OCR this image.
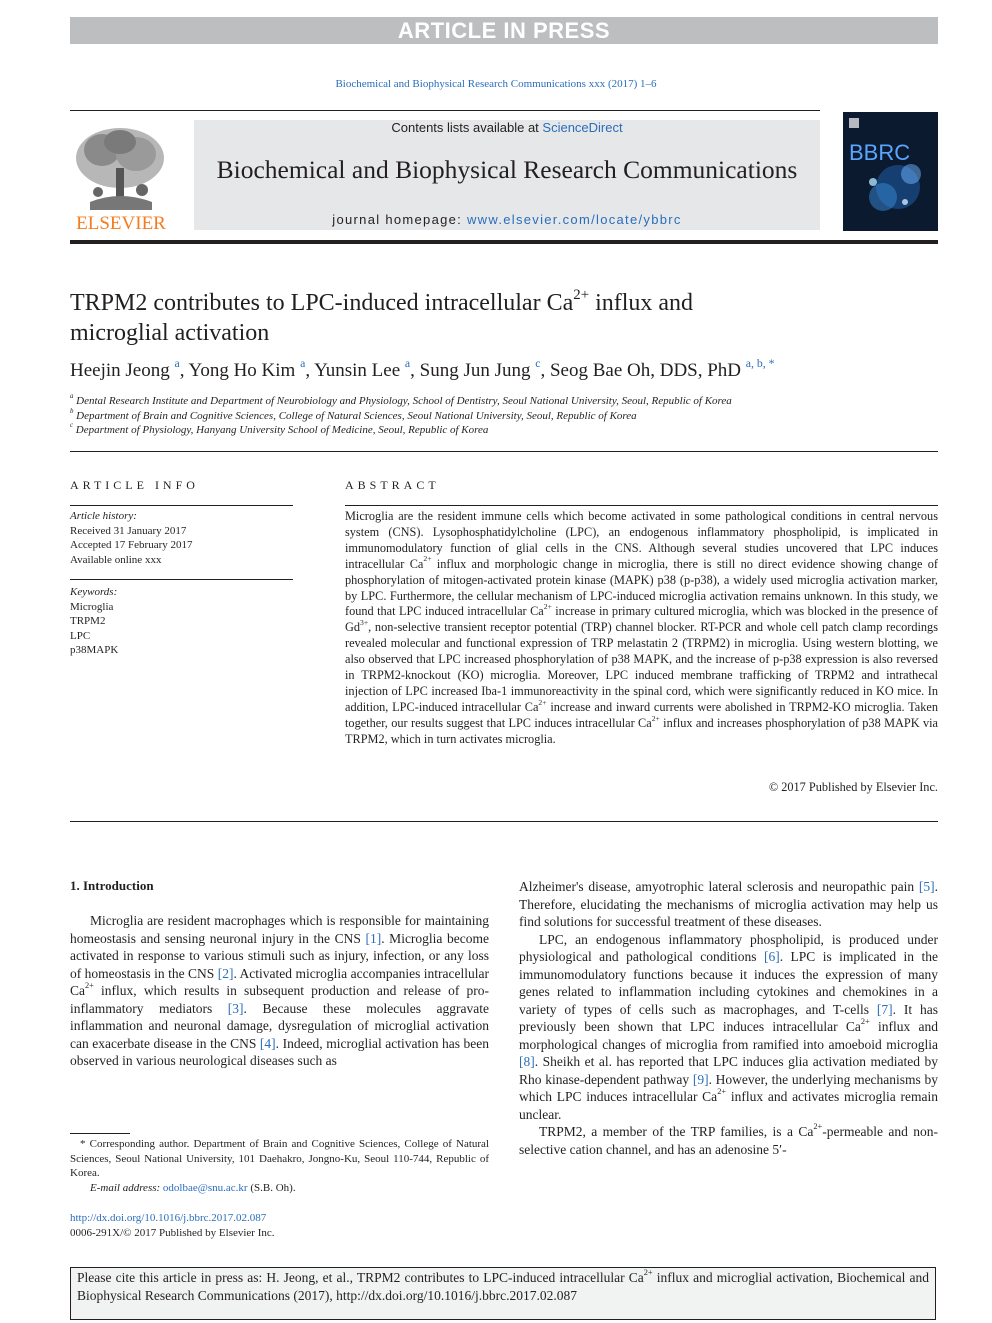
ARTICLE IN PRESS
Biochemical and Biophysical Research Communications xxx (2017) 1–6
ELSEVIER
Contents lists available at ScienceDirect
Biochemical and Biophysical Research Communications
journal homepage: www.elsevier.com/locate/ybbrc
BBRC
TRPM2 contributes to LPC-induced intracellular $Ca^{2+}$ influx and
microglial activation
Heejin Jeong $^a$, Yong Ho Kim $^a$, Yunsin Lee $^a$, Sung Jun Jung $^c$, Seog Bae Oh, DDS, PhD $^{a, b, *}$
$^a$ Dental Research Institute and Department of Neurobiology and Physiology, School of Dentistry, Seoul National University, Seoul, Republic of Korea
$^b$ Department of Brain and Cognitive Sciences, College of Natural Sciences, Seoul National University, Seoul, Republic of Korea
$^c$ Department of Physiology, Hanyang University School of Medicine, Seoul, Republic of Korea
ARTICLE INFO
Article history:
Received 31 January 2017
Accepted 17 February 2017
Available online xxx
Keywords:
Microglia
TRPM2
LPC
p38MAPK
ABSTRACT
Microglia are the resident immune cells which become activated in some pathological conditions in central nervous system (CNS). Lysophosphatidylcholine (LPC), an endogenous inflammatory phospholipid, is implicated in immunomodulatory function of glial cells in the CNS. Although several studies uncovered that LPC induces intracellular $Ca^{2+}$ influx and morphologic change in microglia, there is still no direct evidence showing change of phosphorylation of mitogen-activated protein kinase (MAPK) p38 (p-p38), a widely used microglia activation marker, by LPC. Furthermore, the cellular mechanism of LPC-induced microglia activation remains unknown. In this study, we found that LPC induced intracellular $Ca^{2+}$ increase in primary cultured microglia, which was blocked in the presence of $Gd^{3+}$, non-selective transient receptor potential (TRP) channel blocker. RT-PCR and whole cell patch clamp recordings revealed molecular and functional expression of TRP melastatin 2 (TRPM2) in microglia. Using western blotting, we also observed that LPC increased phosphorylation of p38 MAPK, and the increase of p-p38 expression is also reversed in TRPM2-knockout (KO) microglia. Moreover, LPC induced membrane trafficking of TRPM2 and intrathecal injection of LPC increased Iba-1 immunoreactivity in the spinal cord, which were significantly reduced in KO mice. In addition, LPC-induced intracellular $Ca^{2+}$ increase and inward currents were abolished in TRPM2-KO microglia. Taken together, our results suggest that LPC induces intracellular $Ca^{2+}$ influx and increases phosphorylation of p38 MAPK via TRPM2, which in turn activates microglia.
© 2017 Published by Elsevier Inc.
1. Introduction

Microglia are resident macrophages which is responsible for maintaining homeostasis and sensing neuronal injury in the CNS [1]. Microglia become activated in response to various stimuli such as injury, infection, or any loss of homeostasis in the CNS [2]. Activated microglia accompanies intracellular $Ca^{2+}$ influx, which results in subsequent production and release of pro-inflammatory mediators [3]. Because these molecules aggravate inflammation and neuronal damage, dysregulation of microglial activation can exacerbate disease in the CNS [4]. Indeed, microglial activation has been observed in various neurological diseases such as

Alzheimer's disease, amyotrophic lateral sclerosis and neuropathic pain [5]. Therefore, elucidating the mechanisms of microglia activation may help us find solutions for successful treatment of these diseases.

LPC, an endogenous inflammatory phospholipid, is produced under physiological and pathological conditions [6]. LPC is implicated in the immunomodulatory functions because it induces the expression of many genes related to inflammation including cytokines and chemokines in a variety of types of cells such as macrophages, and T-cells [7]. It has previously been shown that LPC induces intracellular $Ca^{2+}$ influx and morphological changes of microglia from ramified into amoeboid microglia [8]. Sheikh et al. has reported that LPC induces glia activation mediated by Rho kinase-dependent pathway [9]. However, the underlying mechanisms by which LPC induces intracellular $Ca^{2+}$ influx and activates microglia remain unclear.

TRPM2, a member of the TRP families, is a $Ca^{2+}$-permeable and non-selective cation channel, and has an adenosine 5′-

* Corresponding author. Department of Brain and Cognitive Sciences, College of Natural Sciences, Seoul National University, 101 Daehakro, Jongno-Ku, Seoul 110-744, Republic of Korea.
E-mail address: odolbae@snu.ac.kr (S.B. Oh).
http://dx.doi.org/10.1016/j.bbrc.2017.02.087
0006-291X/© 2017 Published by Elsevier Inc.
Please cite this article in press as: H. Jeong, et al., TRPM2 contributes to LPC-induced intracellular $Ca^{2+}$ influx and microglial activation, Biochemical and Biophysical Research Communications (2017), http://dx.doi.org/10.1016/j.bbrc.2017.02.087
